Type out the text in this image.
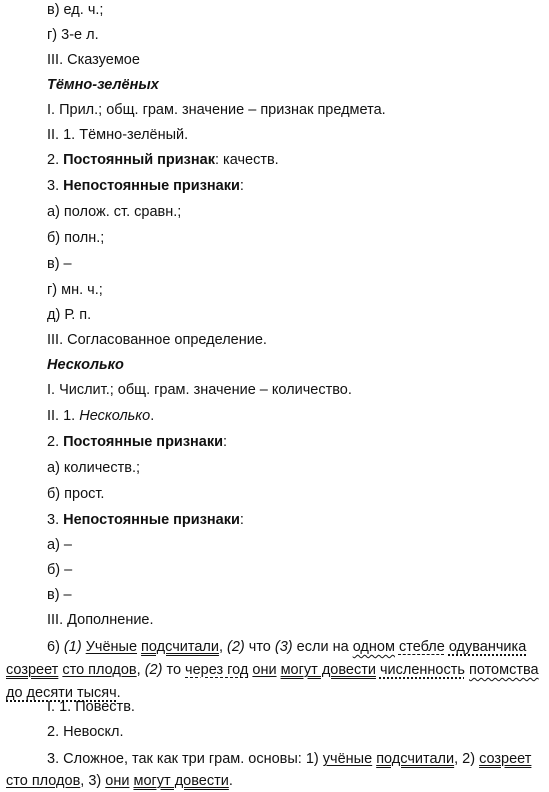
в) ед. ч.;
г) 3-е л.
III. Сказуемое
Тёмно-зелёных
I. Прил.; общ. грам. значение – признак предмета.
II. 1. Тёмно-зелёный.
2. Постоянный признак: качеств.
3. Непостоянные признаки:
а) полож. ст. сравн.;
б) полн.;
в) –
г) мн. ч.;
д) Р. п.
III. Согласованное определение.
Несколько
I. Числит.; общ. грам. значение – количество.
II. 1. Несколько.
2. Постоянные признаки:
а) количеств.;
б) прост.
3. Непостоянные признаки:
а) –
б) –
в) –
III. Дополнение.
6) (1) Учёные подсчитали, (2) что (3) если на одном стебле одуванчика созреет сто плодов, (2) то через год они могут довести численность потомства до десяти тысяч.
I. 1. Повеств.
2. Невоскл.
3. Сложное, так как три грам. основы: 1) учёные подсчитали, 2) созреет сто плодов, 3) они могут довести.
